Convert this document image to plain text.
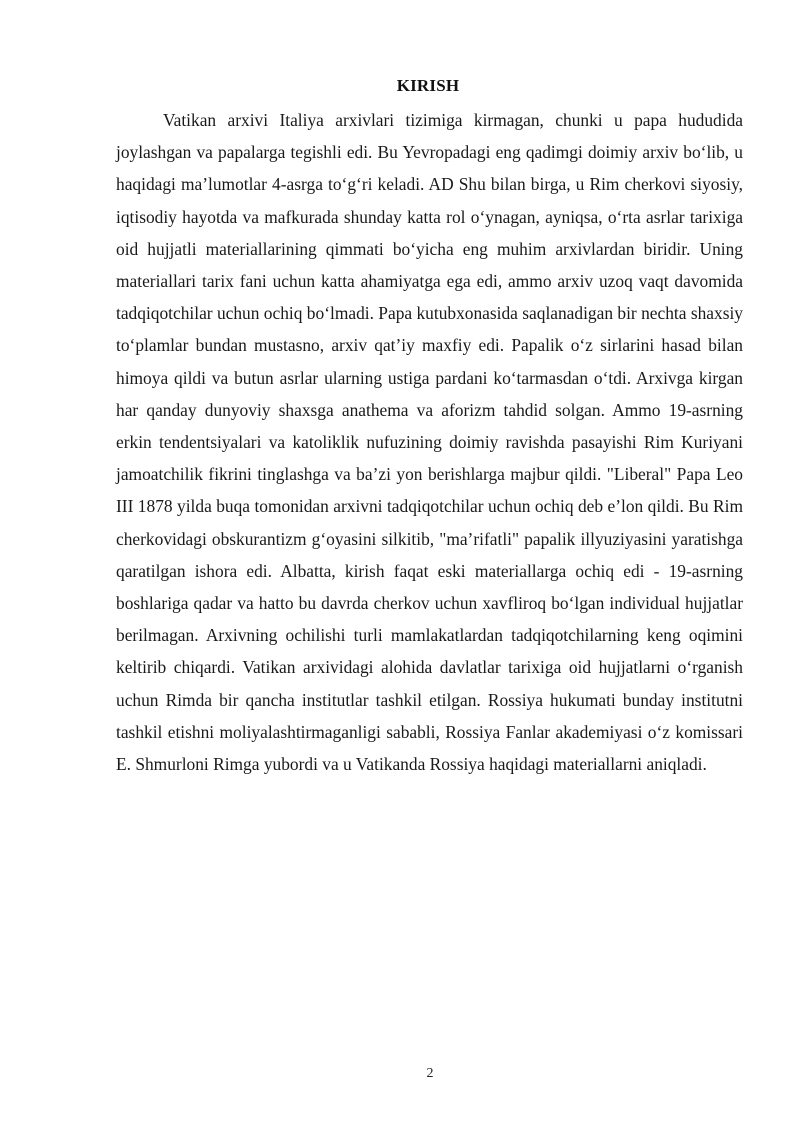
KIRISH

Vatikan arxivi Italiya arxivlari tizimiga kirmagan, chunki u papa hududida joylashgan va papalarga tegishli edi. Bu Yevropadagi eng qadimgi doimiy arxiv bo‘lib, u haqidagi ma’lumotlar 4-asrga to‘g‘ri keladi. AD Shu bilan birga, u Rim cherkovi siyosiy, iqtisodiy hayotda va mafkurada shunday katta rol o‘ynagan, ayniqsa, o‘rta asrlar tarixiga oid hujjatli materiallarining qimmati bo‘yicha eng muhim arxivlardan biridir. Uning materiallari tarix fani uchun katta ahamiyatga ega edi, ammo arxiv uzoq vaqt davomida tadqiqotchilar uchun ochiq bo‘lmadi. Papa kutubxonasida saqlanadigan bir nechta shaxsiy to‘plamlar bundan mustasno, arxiv qat’iy maxfiy edi. Papalik o‘z sirlarini hasad bilan himoya qildi va butun asrlar ularning ustiga pardani ko‘tarmasdan o‘tdi. Arxivga kirgan har qanday dunyoviy shaxsga anathema va aforizm tahdid solgan. Ammo 19-asrning erkin tendentsiyalari va katoliklik nufuzining doimiy ravishda pasayishi Rim Kuriyani jamoatchilik fikrini tinglashga va ba’zi yon berishlarga majbur qildi. "Liberal" Papa Leo III 1878 yilda buqa tomonidan arxivni tadqiqotchilar uchun ochiq deb e’lon qildi. Bu Rim cherkovidagi obskurantizm g‘oyasini silkitib, "ma’rifatli" papalik illyuziyasini yaratishga qaratilgan ishora edi. Albatta, kirish faqat eski materiallarga ochiq edi - 19-asrning boshlariga qadar va hatto bu davrda cherkov uchun xavfliroq bo‘lgan individual hujjatlar berilmagan. Arxivning ochilishi turli mamlakatlardan tadqiqotchilarning keng oqimini keltirib chiqardi. Vatikan arxividagi alohida davlatlar tarixiga oid hujjatlarni o‘rganish uchun Rimda bir qancha institutlar tashkil etilgan. Rossiya hukumati bunday institutni tashkil etishni moliyalashtirmaganligi sababli, Rossiya Fanlar akademiyasi o‘z komissari E. Shmurloni Rimga yubordi va u Vatikanda Rossiya haqidagi materiallarni aniqladi.

2
